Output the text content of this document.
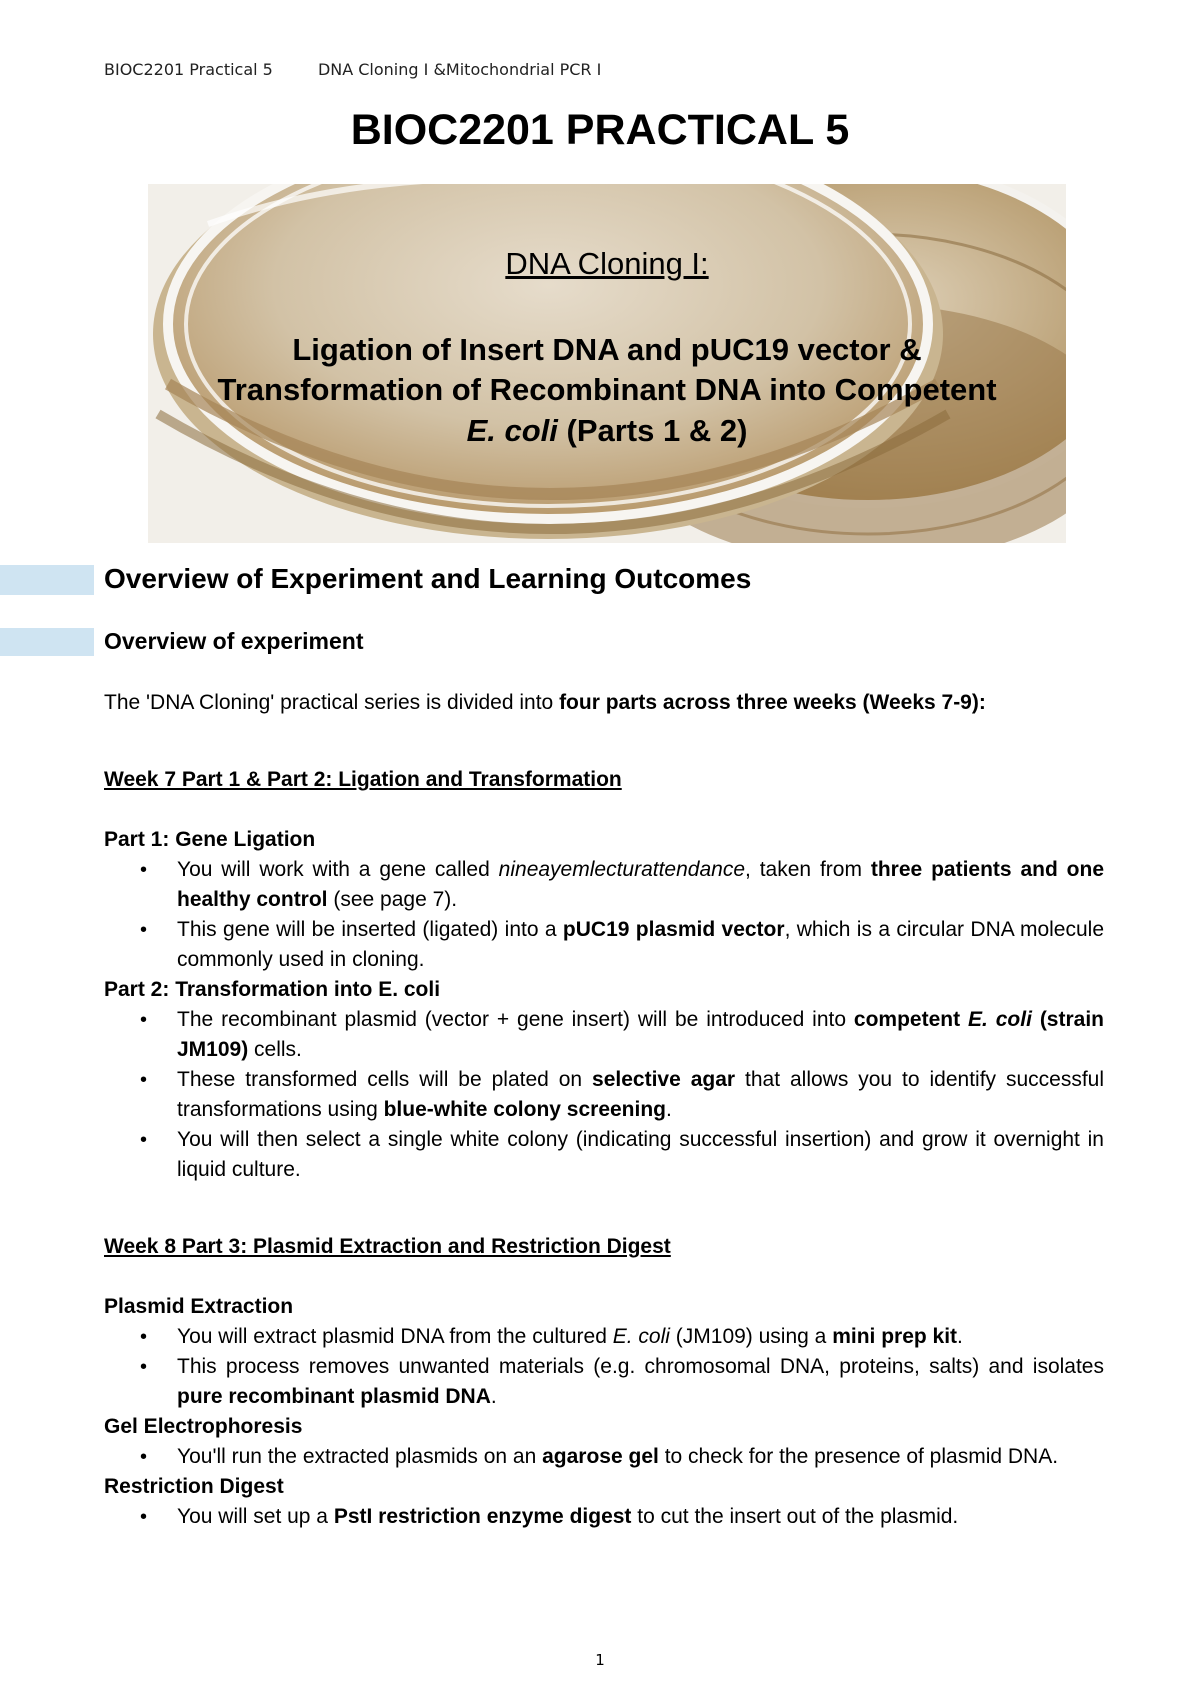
BIOC2201 Practical 5	DNA Cloning I &Mitochondrial PCR I
BIOC2201 PRACTICAL 5

DNA Cloning I:

Ligation of Insert DNA and pUC19 vector &

Transformation of Recombinant DNA into Competent

E. coli (Parts 1 & 2)

Overview of Experiment and Learning Outcomes
Overview of experiment

The 'DNA Cloning' practical series is divided into four parts across three weeks (Weeks 7-9):

Week 7 Part 1 & Part 2: Ligation and Transformation

Part 1: Gene Ligation

• You will work with a gene called nineayemlecturattendance, taken from three patients and one healthy control (see page 7).
• This gene will be inserted (ligated) into a pUC19 plasmid vector, which is a circular DNA molecule commonly used in cloning.

Part 2: Transformation into E. coli

• The recombinant plasmid (vector + gene insert) will be introduced into competent E. coli (strain JM109) cells.
• These transformed cells will be plated on selective agar that allows you to identify successful transformations using blue-white colony screening.
• You will then select a single white colony (indicating successful insertion) and grow it overnight in liquid culture.

Week 8 Part 3: Plasmid Extraction and Restriction Digest

Plasmid Extraction

• You will extract plasmid DNA from the cultured E. coli (JM109) using a mini prep kit.
• This process removes unwanted materials (e.g. chromosomal DNA, proteins, salts) and isolates pure recombinant plasmid DNA.

Gel Electrophoresis

• You'll run the extracted plasmids on an agarose gel to check for the presence of plasmid DNA.

Restriction Digest

• You will set up a PstI restriction enzyme digest to cut the insert out of the plasmid.
1
